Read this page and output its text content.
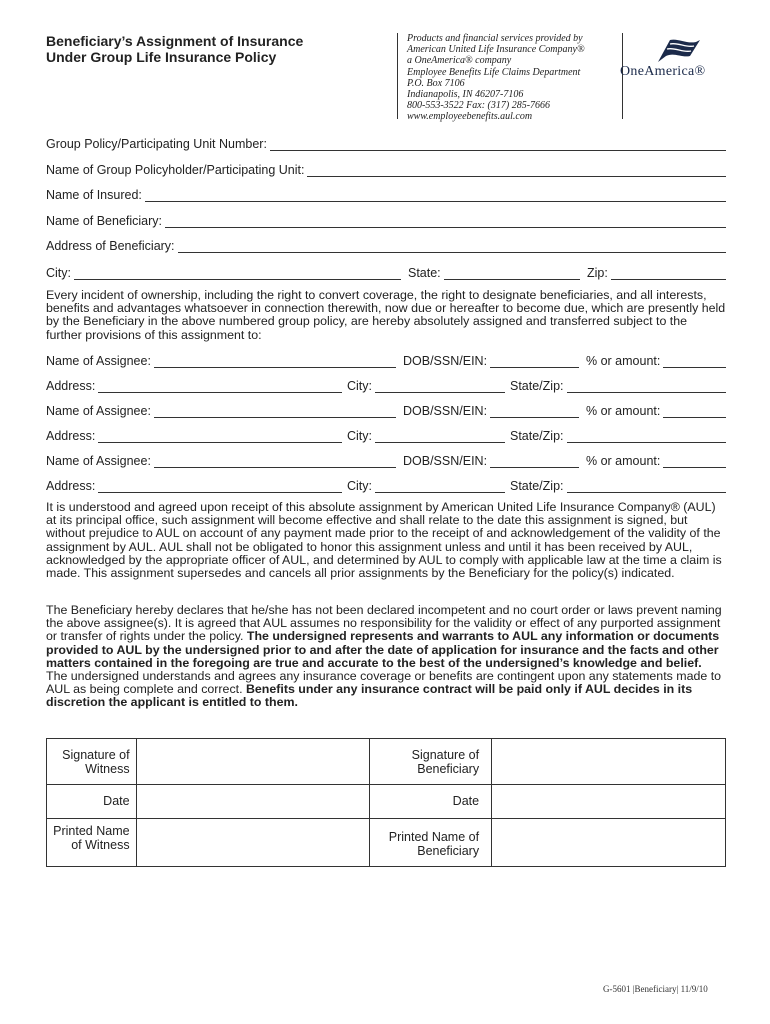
Beneficiary’s Assignment of Insurance
Under Group Life Insurance Policy
Products and financial services provided by
American United Life Insurance Company®
a OneAmerica® company
Employee Benefits Life Claims Department
P.O. Box 7106
Indianapolis, IN 46207-7106
800-553-3522 Fax: (317) 285-7666
www.employeebenefits.aul.com
OneAmerica®
Group Policy/Participating Unit Number:
Name of Group Policyholder/Participating Unit:
Name of Insured:
Name of Beneficiary:
Address of Beneficiary:
City:	State:	Zip:
Every incident of ownership, including the right to convert coverage, the right to designate beneficiaries, and all interests, benefits and advantages whatsoever in connection therewith, now due or hereafter to become due, which are presently held by the Beneficiary in the above numbered group policy, are hereby absolutely assigned and transferred subject to the further provisions of this assignment to:
Name of Assignee:	DOB/SSN/EIN:	% or amount:
Address:	City:	State/Zip:
Name of Assignee:	DOB/SSN/EIN:	% or amount:
Address:	City:	State/Zip:
Name of Assignee:	DOB/SSN/EIN:	% or amount:
Address:	City:	State/Zip:
It is understood and agreed upon receipt of this absolute assignment by American United Life Insurance Company® (AUL) at its principal office, such assignment will become effective and shall relate to the date this assignment is signed, but without prejudice to AUL on account of any payment made prior to the receipt of and acknowledgement of the validity of the assignment by AUL. AUL shall not be obligated to honor this assignment unless and until it has been received by AUL, acknowledged by the appropriate officer of AUL, and determined by AUL to comply with applicable law at the time a claim is made. This assignment supersedes and cancels all prior assignments by the Beneficiary for the policy(s) indicated.
The Beneficiary hereby declares that he/she has not been declared incompetent and no court order or laws prevent naming the above assignee(s). It is agreed that AUL assumes no responsibility for the validity or effect of any purported assignment or transfer of rights under the policy. The undersigned represents and warrants to AUL any information or documents provided to AUL by the undersigned prior to and after the date of application for insurance and the facts and other matters contained in the foregoing are true and accurate to the best of the undersigned’s knowledge and belief. The undersigned understands and agrees any insurance coverage or benefits are contingent upon any statements made to AUL as being complete and correct. Benefits under any insurance contract will be paid only if AUL decides in its discretion the applicant is entitled to them.
Signature of Witness		Signature of Beneficiary	
Date		Date	
Printed Name of Witness		Printed Name of Beneficiary	
G-5601 |Beneficiary| 11/9/10
